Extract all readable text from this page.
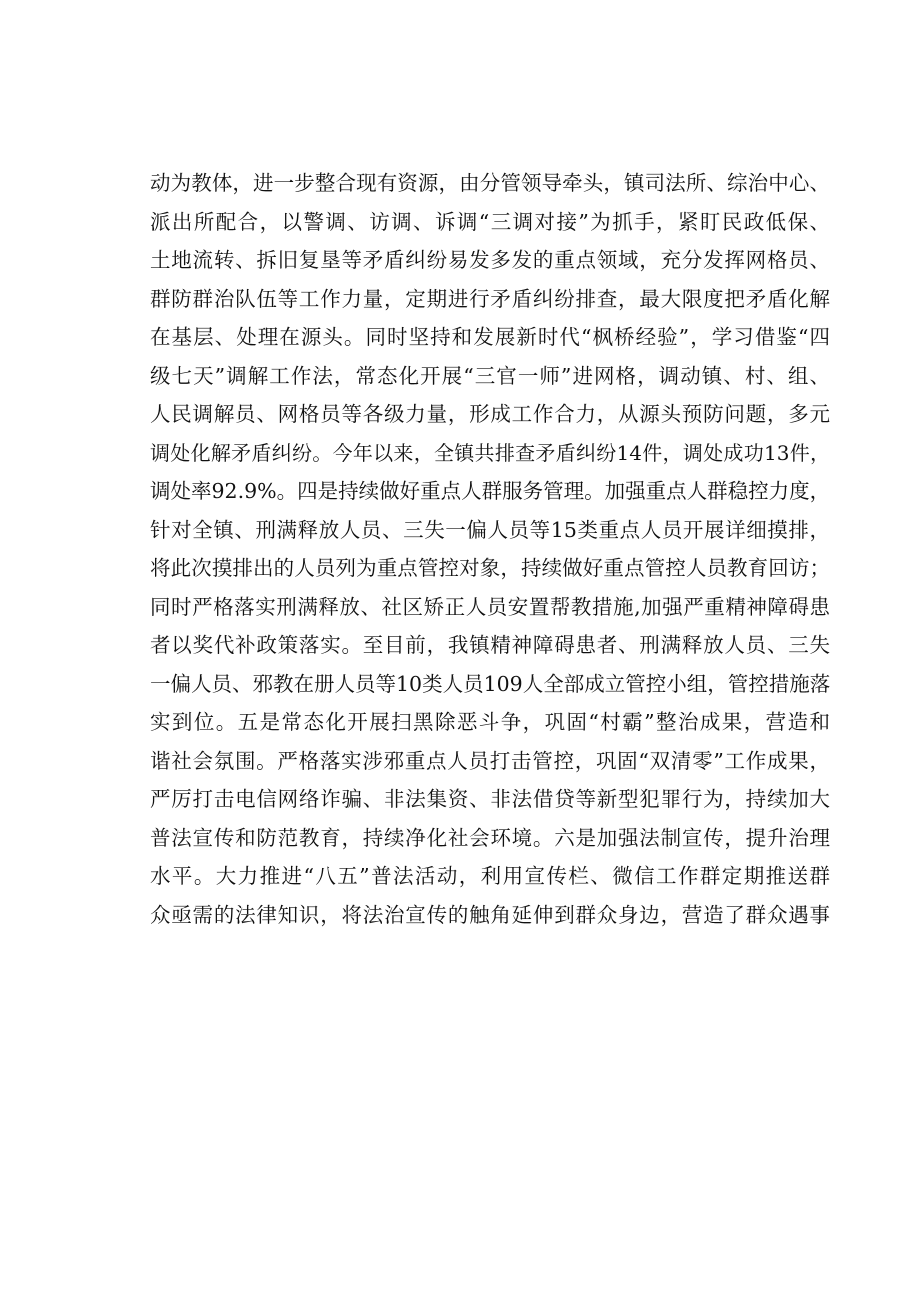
动为教体，进一步整合现有资源，由分管领导牵头，镇司法所、综治中心、
派出所配合，以警调、访调、诉调“三调对接”为抓手，紧盯民政低保、
土地流转、拆旧复垦等矛盾纠纷易发多发的重点领域，充分发挥网格员、
群防群治队伍等工作力量，定期进行矛盾纠纷排查，最大限度把矛盾化解
在基层、处理在源头。同时坚持和发展新时代“枫桥经验”，学习借鉴“四
级七天”调解工作法，常态化开展“三官一师”进网格，调动镇、村、组、
人民调解员、网格员等各级力量，形成工作合力，从源头预防问题，多元
调处化解矛盾纠纷。今年以来，全镇共排查矛盾纠纷14件，调处成功13件，
调处率92.9%。四是持续做好重点人群服务管理。加强重点人群稳控力度，
针对全镇、刑满释放人员、三失一偏人员等15类重点人员开展详细摸排，
将此次摸排出的人员列为重点管控对象，持续做好重点管控人员教育回访；
同时严格落实刑满释放、社区矫正人员安置帮教措施,加强严重精神障碍患
者以奖代补政策落实。至目前，我镇精神障碍患者、刑满释放人员、三失
一偏人员、邪教在册人员等10类人员109人全部成立管控小组，管控措施落
实到位。五是常态化开展扫黑除恶斗争，巩固“村霸”整治成果，营造和
谐社会氛围。严格落实涉邪重点人员打击管控，巩固“双清零”工作成果，
严厉打击电信网络诈骗、非法集资、非法借贷等新型犯罪行为，持续加大
普法宣传和防范教育，持续净化社会环境。六是加强法制宣传，提升治理
水平。大力推进“八五”普法活动，利用宣传栏、微信工作群定期推送群
众亟需的法律知识，将法治宣传的触角延伸到群众身边，营造了群众遇事
